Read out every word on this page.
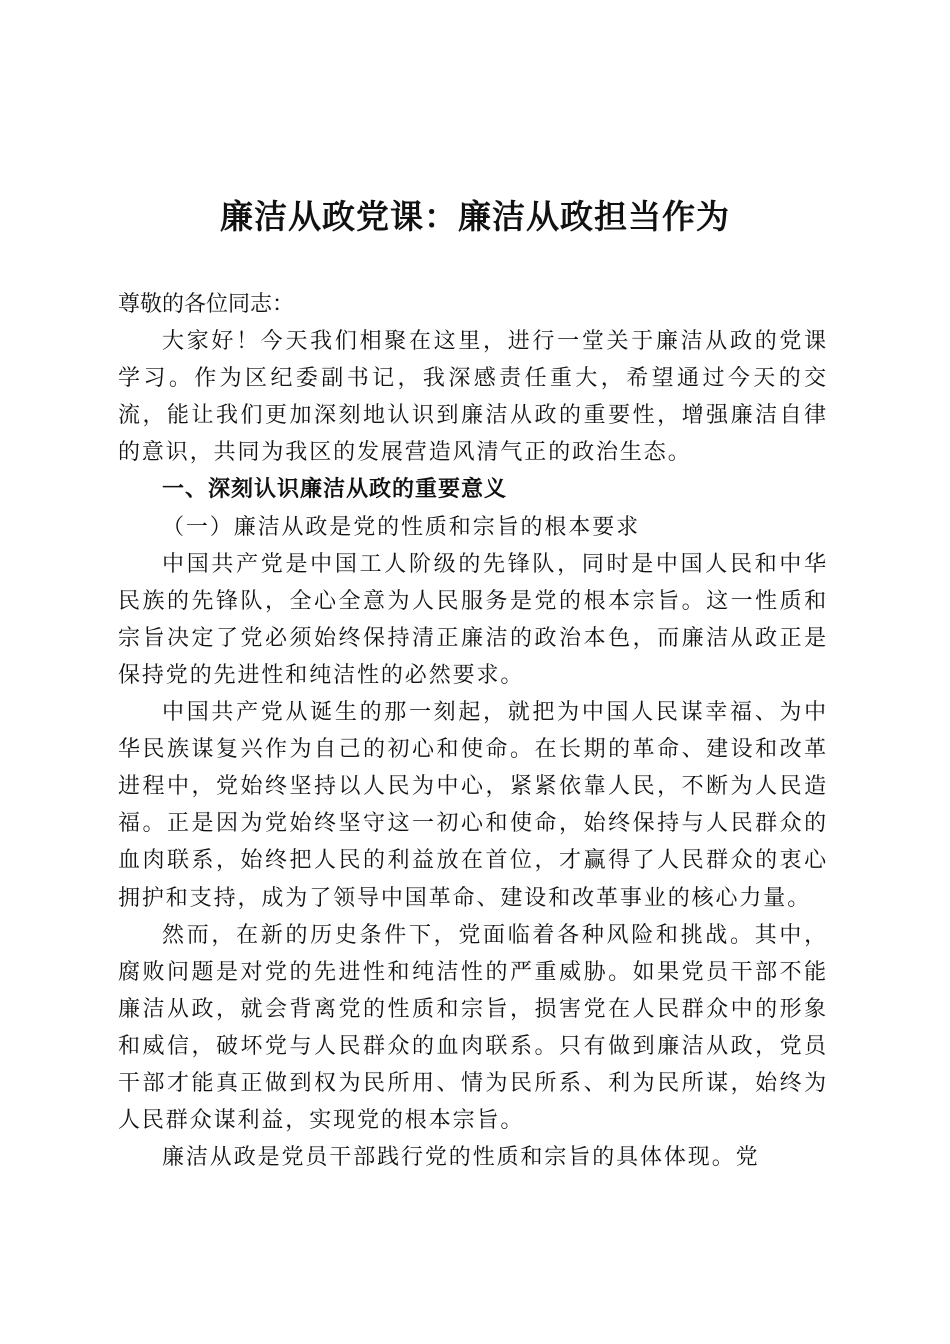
廉洁从政党课：廉洁从政担当作为

尊敬的各位同志：

大家好！今天我们相聚在这里，进行一堂关于廉洁从政的党课学习。作为区纪委副书记，我深感责任重大，希望通过今天的交流，能让我们更加深刻地认识到廉洁从政的重要性，增强廉洁自律的意识，共同为我区的发展营造风清气正的政治生态。

一、深刻认识廉洁从政的重要意义

（一）廉洁从政是党的性质和宗旨的根本要求

中国共产党是中国工人阶级的先锋队，同时是中国人民和中华民族的先锋队，全心全意为人民服务是党的根本宗旨。这一性质和宗旨决定了党必须始终保持清正廉洁的政治本色，而廉洁从政正是保持党的先进性和纯洁性的必然要求。

中国共产党从诞生的那一刻起，就把为中国人民谋幸福、为中华民族谋复兴作为自己的初心和使命。在长期的革命、建设和改革进程中，党始终坚持以人民为中心，紧紧依靠人民，不断为人民造福。正是因为党始终坚守这一初心和使命，始终保持与人民群众的血肉联系，始终把人民的利益放在首位，才赢得了人民群众的衷心拥护和支持，成为了领导中国革命、建设和改革事业的核心力量。

然而，在新的历史条件下，党面临着各种风险和挑战。其中，腐败问题是对党的先进性和纯洁性的严重威胁。如果党员干部不能廉洁从政，就会背离党的性质和宗旨，损害党在人民群众中的形象和威信，破坏党与人民群众的血肉联系。只有做到廉洁从政，党员干部才能真正做到权为民所用、情为民所系、利为民所谋，始终为人民群众谋利益，实现党的根本宗旨。

廉洁从政是党员干部践行党的性质和宗旨的具体体现。党
